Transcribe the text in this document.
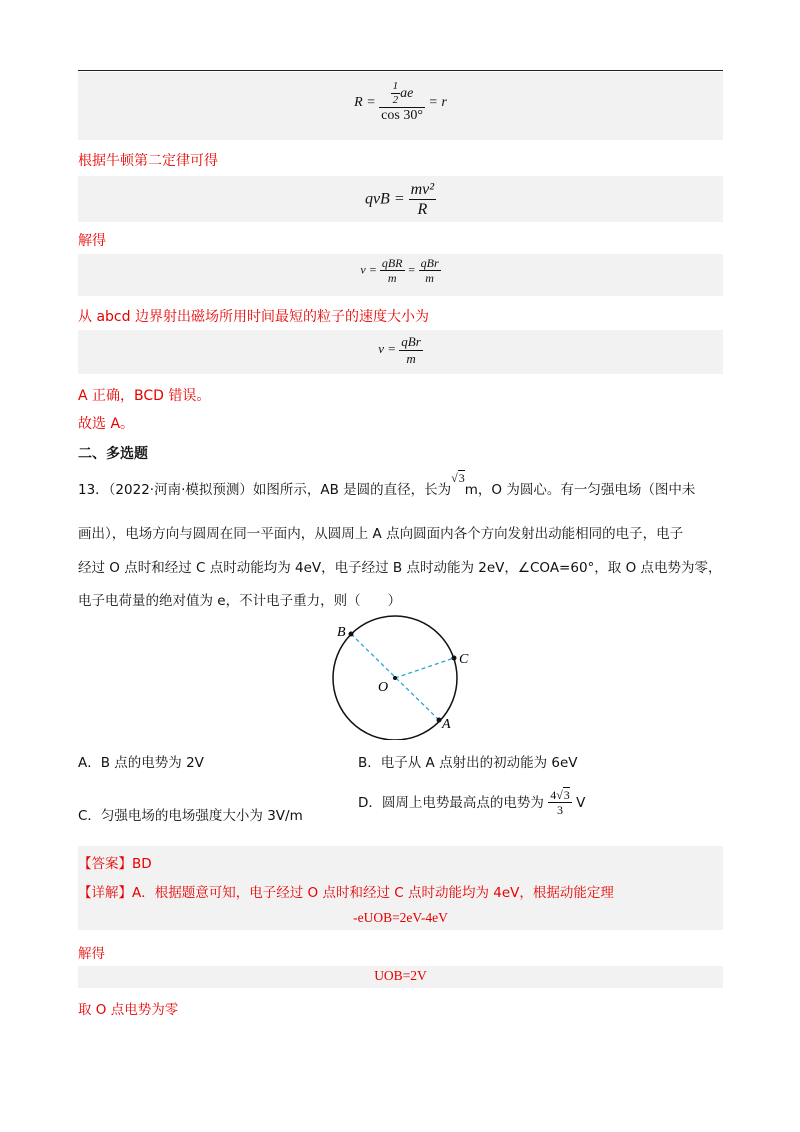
$R = \frac{\frac{1}{2} ae}{\cos 30^\circ} = r$
根据牛顿第二定律可得
qvB = $\frac{\text{mv²}}{R}$
解得
$v = \frac{\text{qBR}}{m} = \frac{\text{qBr}}{m}$
从 abcd 边界射出磁场所用时间最短的粒子的速度大小为
$v = \frac{\text{qBr}}{m}$
A 正确，BCD 错误。
故选 A。
二、多选题
13．（2022·河南·模拟预测）如图所示，AB 是圆的直径，长为√3m，O 为圆心。有一匀强电场（图中未
画出），电场方向与圆周在同一平面内，从圆周上 A 点向圆面内各个方向发射出动能相同的电子，电子
经过 O 点时和经过 C 点时动能均为 4eV，电子经过 B 点时动能为 2eV，∠COA=60°，取 O 点电势为零，
电子电荷量的绝对值为 e，不计电子重力，则（　　）
B
C
O
A
A．B 点的电势为 2V	B．电子从 A 点射出的初动能为 6eV
C．匀强电场的电场强度大小为 3V/m
D．圆周上电势最高点的电势为 $\frac{4√3}{3}$ V
【答案】BD
【详解】A．根据题意可知，电子经过 O 点时和经过 C 点时动能均为 4eV，根据动能定理
-eUOB=2eV-4eV
解得
UOB=2V
取 O 点电势为零
